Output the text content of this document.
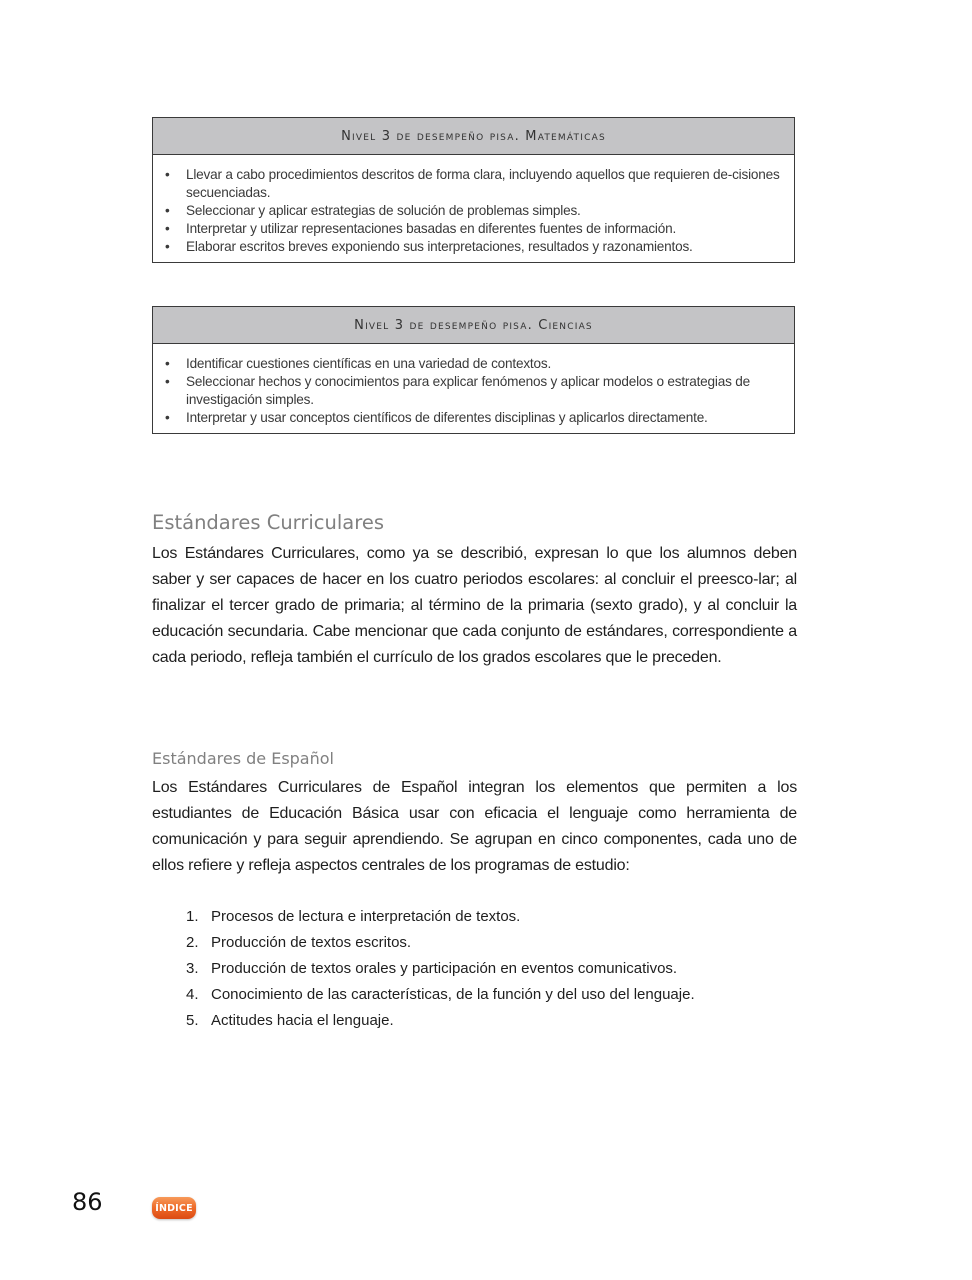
Nivel 3 de desempeño pisa. Matemáticas
• Llevar a cabo procedimientos descritos de forma clara, incluyendo aquellos que requieren de-cisiones secuenciadas.
• Seleccionar y aplicar estrategias de solución de problemas simples.
• Interpretar y utilizar representaciones basadas en diferentes fuentes de información.
• Elaborar escritos breves exponiendo sus interpretaciones, resultados y razonamientos.
Nivel 3 de desempeño pisa. Ciencias
• Identificar cuestiones científicas en una variedad de contextos.
• Seleccionar hechos y conocimientos para explicar fenómenos y aplicar modelos o estrategias de investigación simples.
• Interpretar y usar conceptos científicos de diferentes disciplinas y aplicarlos directamente.
Estándares Curriculares
Los Estándares Curriculares, como ya se describió, expresan lo que los alumnos deben saber y ser capaces de hacer en los cuatro periodos escolares: al concluir el preesco-lar; al finalizar el tercer grado de primaria; al término de la primaria (sexto grado), y al concluir la educación secundaria. Cabe mencionar que cada conjunto de estándares, correspondiente a cada periodo, refleja también el currículo de los grados escolares que le preceden.
Estándares de Español
Los Estándares Curriculares de Español integran los elementos que permiten a los estudiantes de Educación Básica usar con eficacia el lenguaje como herramienta de comunicación y para seguir aprendiendo. Se agrupan en cinco componentes, cada uno de ellos refiere y refleja aspectos centrales de los programas de estudio:
1. Procesos de lectura e interpretación de textos.
2. Producción de textos escritos.
3. Producción de textos orales y participación en eventos comunicativos.
4. Conocimiento de las características, de la función y del uso del lenguaje.
5. Actitudes hacia el lenguaje.
86	ÍNDICE
